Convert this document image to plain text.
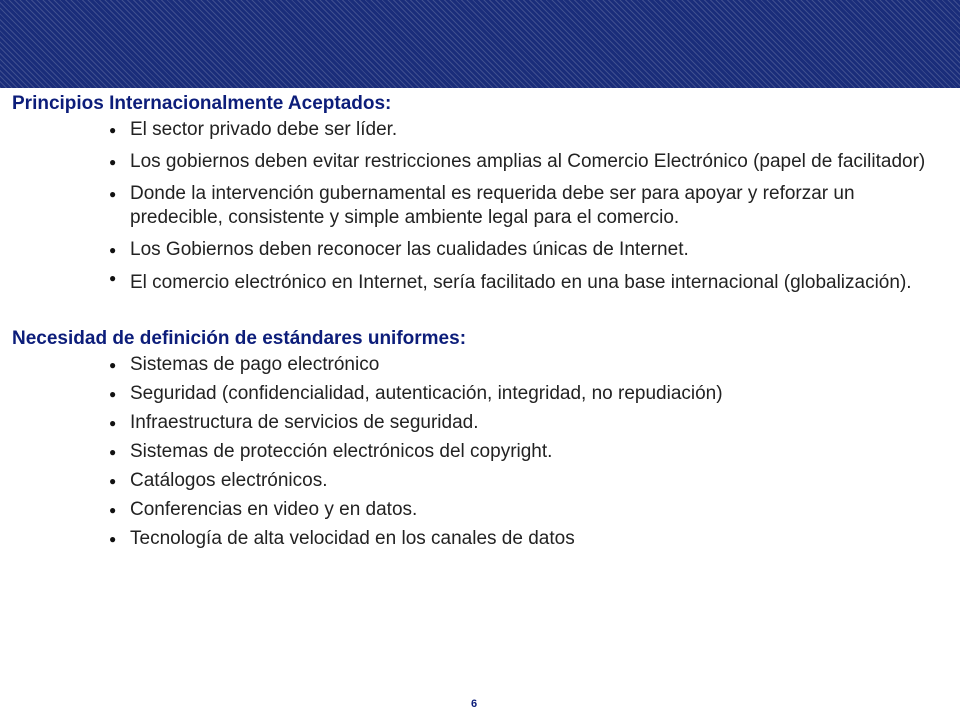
Principios Internacionalmente Aceptados:

● El sector privado debe ser líder.
● Los gobiernos deben evitar restricciones amplias al Comercio Electrónico (papel de facilitador)
● Donde la intervención gubernamental es requerida debe ser para apoyar y reforzar un predecible, consistente y simple ambiente legal para el comercio.
● Los Gobiernos deben reconocer las cualidades únicas de Internet.
● El comercio electrónico en Internet, sería facilitado en una base internacional (globalización).

Necesidad de definición de estándares uniformes:

● Sistemas de pago electrónico
● Seguridad (confidencialidad, autenticación, integridad, no repudiación)
● Infraestructura de servicios de seguridad.
● Sistemas de protección electrónicos del copyright.
● Catálogos electrónicos.
● Conferencias en video y en datos.
● Tecnología de alta velocidad en los canales de datos
6
